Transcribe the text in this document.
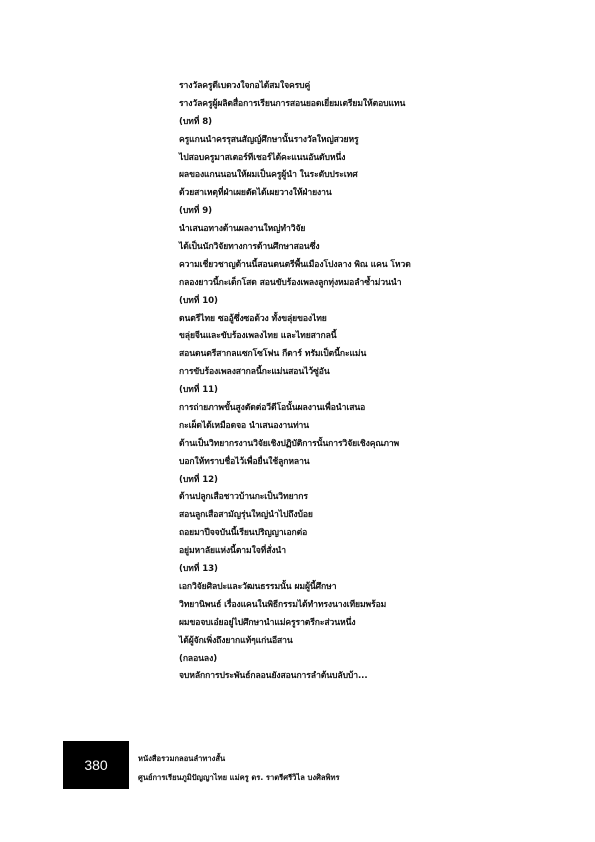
รางวัลครูดีเบดวงใจกอได้สมใจครบคู่
รางวัลครูผู้ผลิตสื่อการเรียนการสอนยอดเยี่ยมเตรียมให้ตอบแทน
(บทที่ 8)
ครูแกนนำครรุสนสัญญ์ศึกษานั้นรางวัลใหญ่สวยหรู
ไปสอบครูมาสเตอร์ทีเชอร์ได้คะแนนอันดับหนึ่ง
ผลของแกนนอนให้ผมเป็นครูผู้นำ ในระดับประเทศ
ด้วยสาเหตุที่ฝ่าเผยตัดได้เผยวางให้ฝ่ายงาน
(บทที่ 9)
นำเสนอทางด้านผลงานใหญ่ทำวิจัย
ได้เป็นนักวิจัยทางการด้านศึกษาสอนซึ่ง
ความเชี่ยวชาญด้านนี้สอนดนตรีพื้นเมืองโปงลาง พิณ แคน โหวด
กลองยาวนี้กะเด็กโสด สอนขับร้องเพลงลูกทุ่งหมอลำซ้ำม่วนนำ
(บทที่ 10)
ดนตรีไทย ซออู้ซึ่งซอด้วง ทั้งขลุ่ยของไทย
ขลุ่ยจีนและขับร้องเพลงไทย และไทยสากลนี้
สอนดนตรีสากลแซกโซโฟน กีตาร์ ทรัมเป็ตนี้กะแม่น
การขับร้องเพลงสากลนี้กะแม่นสอนไว้ซู่อัน
(บทที่ 11)
การถ่ายภาพขั้นสูงตัดต่อวีดีโอนั้นผลงานเพื่อนำเสนอ
กะเผ็ดได้เหมือดจอ นำเสนองานท่าน
ด้านเป็นวิทยากรงานวิจัยเชิงปฏิบัติการนั้นการวิจัยเชิงคุณภาพ
บอกให้ทราบชื่อไว้เพื่อยื่นใช้ลูกหลาน
(บทที่ 12)
ด้านปลูกเสือชาวบ้านกะเป็นวิทยากร
สอนลูกเสือสามัญรุ่นใหญ่นำไปถึงบ้อย
ถอยมาปีจจบันนี้เรียนปริญญาเอกต่อ
อยู่มหาลัยแห่งนี้ตามใจที่สั่งนำ
(บทที่ 13)
เอกวิจัยศิลปะและวัฒนธรรมนั้น ผมผู้นี้ศึกษา
วิทยานิพนธ์ เรื่องแคนในพิธีกรรมได้ทำทรงนางเทียมพร้อม
ผมขอจบเอ๋ยอยู่ไปศึกษานำแม่ครูราตรีกะส่วนหนึ่ง
ได้ผู้จักเพิ่งถึงยากแท้ๆแก่นอีสาน
(กลอนลง)
จบหลักการประพันธ์กลอนยังสอนการลำต้นบลับบ้า...
380	หนังสือรวมกลอนลำทางสั้น
ศูนย์การเรียนภูมิปัญญาไทย แม่ครู ดร. ราตรีศรีวิไล บงศิลพิทร
